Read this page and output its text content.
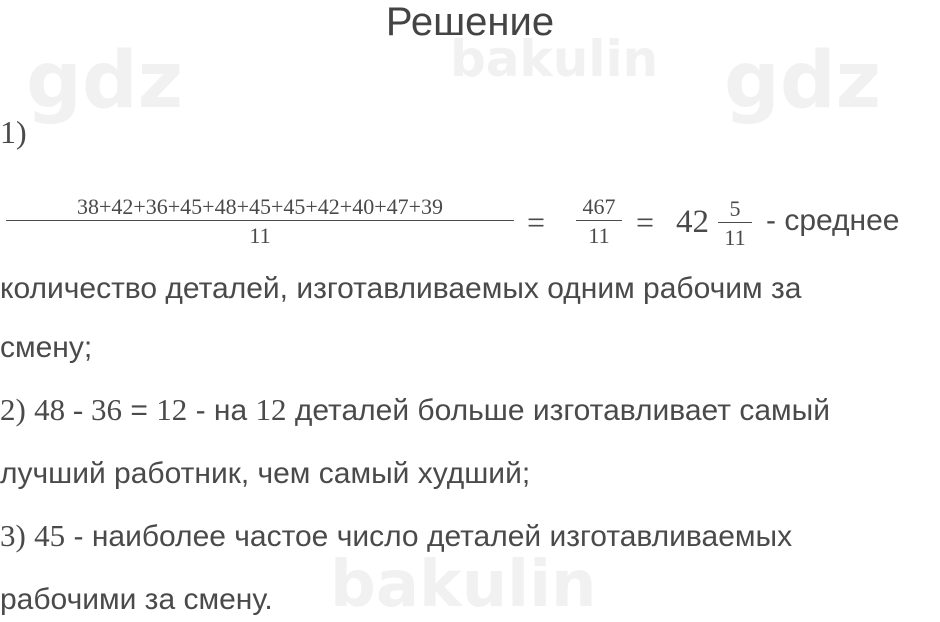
gdz	bakulin gdz
bakulin
Решение
1)
38+42+36+45+48+45+45+42+40+47+39
11	= 467
11 = 42 5
11
- среднее
количество деталей, изготавливаемых одним рабочим за
смену;
2) 48 - 36 = 12 - на 12 деталей больше изготавливает самый
лучший работник, чем самый худший;
3) 45 - наиболее частое число деталей изготавливаемых
рабочими за смену.
